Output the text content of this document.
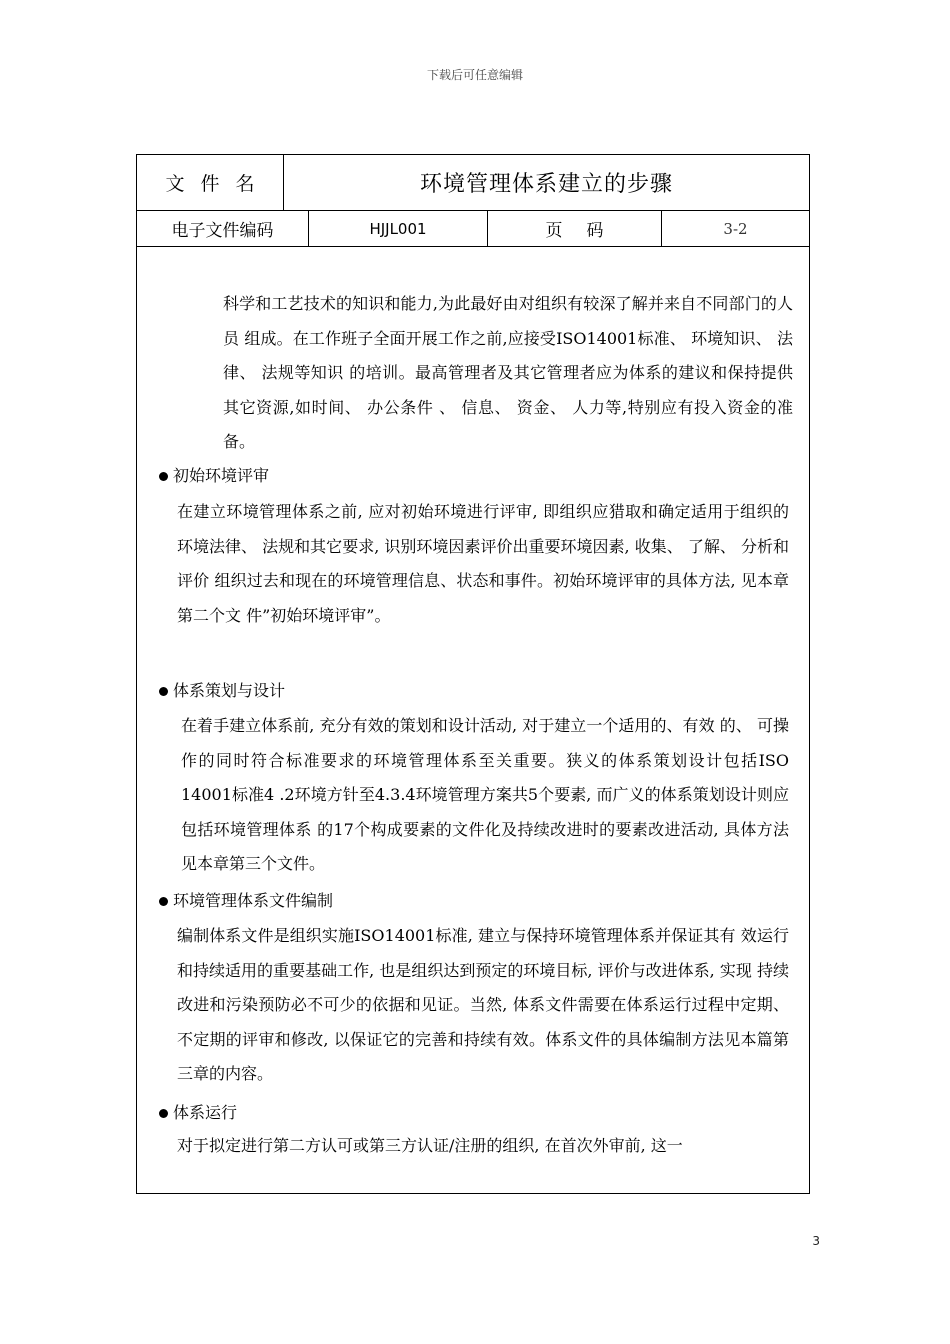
下载后可任意编辑
文件名	环境管理体系建立的步骤
电子文件编码	HJJL001	页码	3-2

科学和工艺技术的知识和能力,为此最好由对组织有较深了解并来自不同部门的人员 组成。在工作班子全面开展工作之前,应接受ISO14001标准、 环境知识、 法律、 法规等知识 的培训。最高管理者及其它管理者应为体系的建议和保持提供其它资源,如时间、 办公条件 、 信息、 资金、 人力等,特别应有投入资金的准备。

初始环境评审

在建立环境管理体系之前, 应对初始环境进行评审, 即组织应猎取和确定适用于组织的 环境法律、 法规和其它要求, 识别环境因素评价出重要环境因素, 收集、 了解、 分析和评价 组织过去和现在的环境管理信息、状态和事件。初始环境评审的具体方法, 见本章第二个文 件”初始环境评审”。

体系策划与设计

在着手建立体系前, 充分有效的策划和设计活动, 对于建立一个适用的、有效 的、 可操 作的同时符合标准要求的环境管理体系至关重要。狭义的体系策划设计包括ISO 14001标准4 .2环境方针至4.3.4环境管理方案共5个要素, 而广义的体系策划设计则应包括环境管理体系 的17个构成要素的文件化及持续改进时的要素改进活动, 具体方法见本章第三个文件。

环境管理体系文件编制

编制体系文件是组织实施ISO14001标准, 建立与保持环境管理体系并保证其有 效运行和持续适用的重要基础工作, 也是组织达到预定的环境目标, 评价与改进体系, 实现 持续改进和污染预防必不可少的依据和见证。当然, 体系文件需要在体系运行过程中定期、 不定期的评审和修改, 以保证它的完善和持续有效。体系文件的具体编制方法见本篇第三章的内容。

体系运行

对于拟定进行第二方认可或第三方认证/注册的组织, 在首次外审前, 这一

3
